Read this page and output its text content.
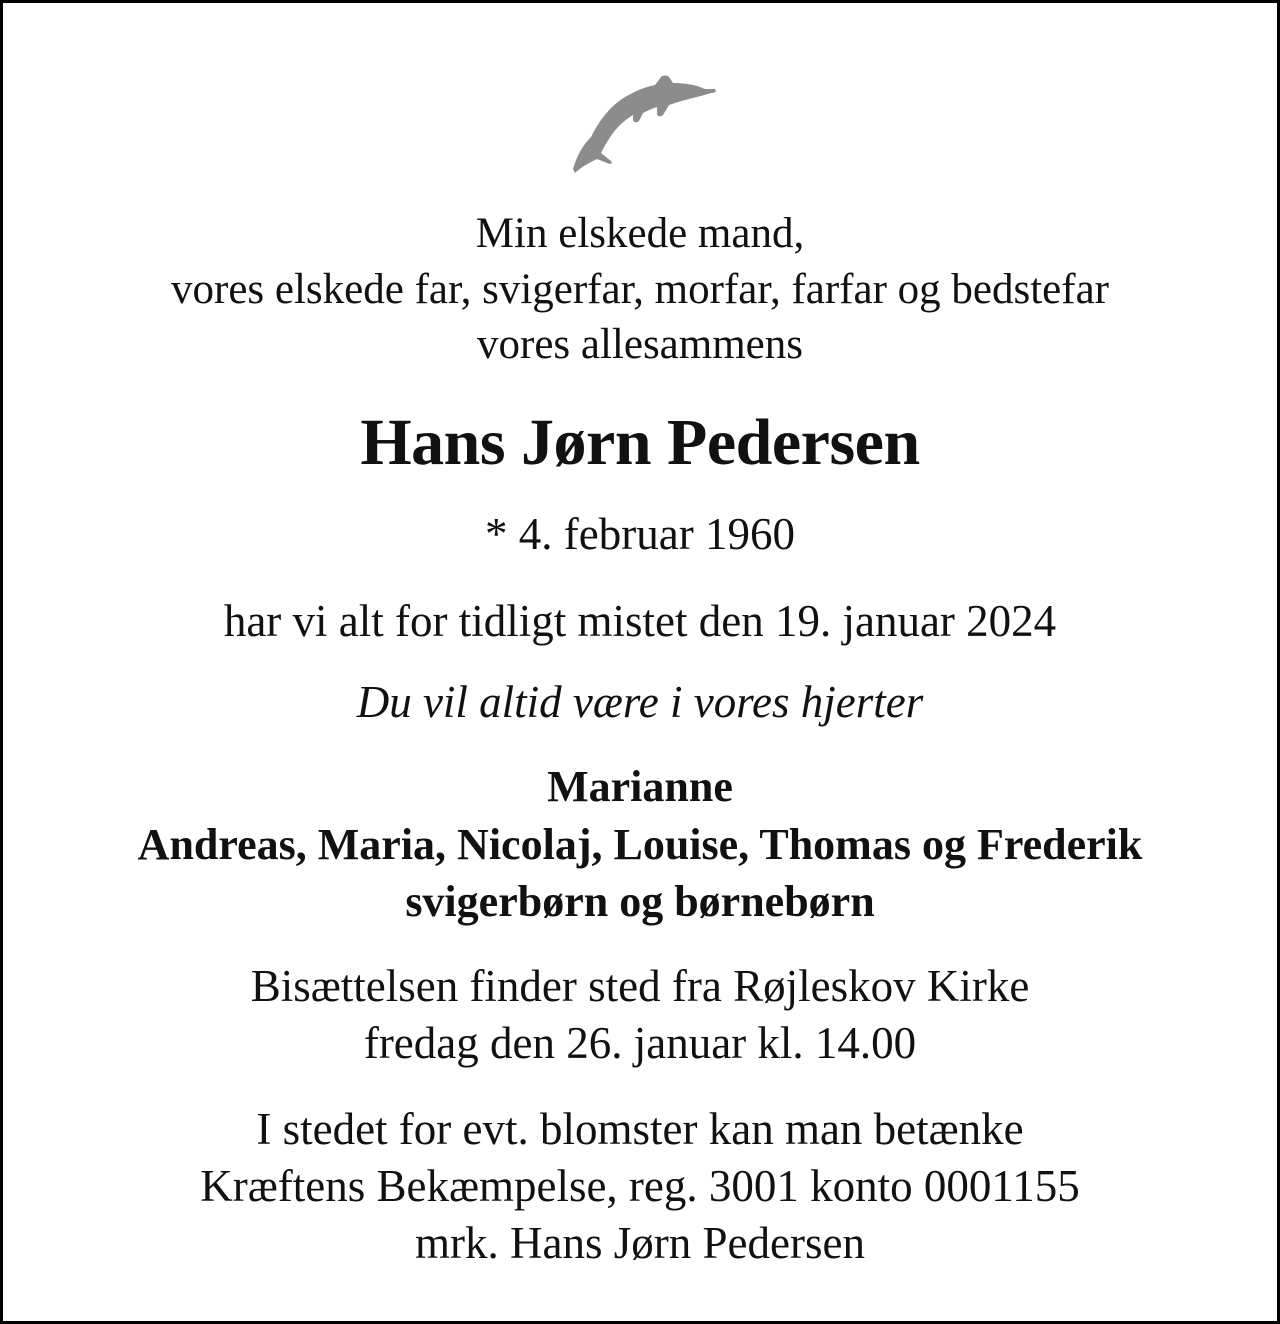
Min elskede mand,
vores elskede far, svigerfar, morfar, farfar og bedstefar
vores allesammens
Hans Jørn Pedersen
* 4. februar 1960
har vi alt for tidligt mistet den 19. januar 2024
Du vil altid være i vores hjerter
Marianne
Andreas, Maria, Nicolaj, Louise, Thomas og Frederik
svigerbørn og børnebørn
Bisættelsen finder sted fra Røjleskov Kirke
fredag den 26. januar kl. 14.00
I stedet for evt. blomster kan man betænke
Kræftens Bekæmpelse, reg. 3001 konto 0001155
mrk. Hans Jørn Pedersen
